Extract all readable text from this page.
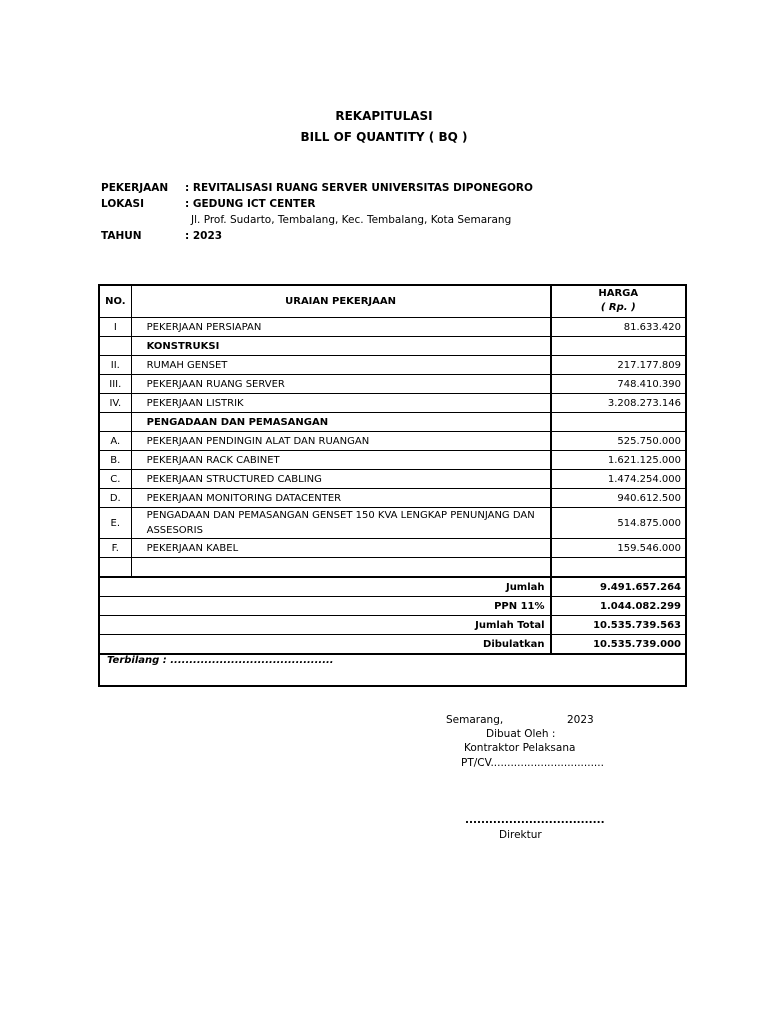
REKAPITULASI
BILL OF QUANTITY ( BQ )
PEKERJAAN : REVITALISASI RUANG SERVER UNIVERSITAS DIPONEGORO
LOKASI	: GEDUNG ICT CENTER
Jl. Prof. Sudarto, Tembalang, Kec. Tembalang, Kota Semarang
TAHUN	: 2023
NO.	URAIAN PEKERJAAN	HARGA
( Rp. )

I	PEKERJAAN PERSIAPAN	81.633.420
	KONSTRUKSI	
II.	RUMAH GENSET	217.177.809
III.	PEKERJAAN RUANG SERVER	748.410.390
IV.	PEKERJAAN LISTRIK	3.208.273.146
	PENGADAAN DAN PEMASANGAN	
A.	PEKERJAAN PENDINGIN ALAT DAN RUANGAN	525.750.000
B.	PEKERJAAN RACK CABINET	1.621.125.000
C.	PEKERJAAN STRUCTURED CABLING	1.474.254.000
D.	PEKERJAAN MONITORING DATACENTER	940.612.500
E.	PENGADAAN DAN PEMASANGAN GENSET 150 KVA LENGKAP PENUNJANG DAN ASSESORIS	514.875.000
F.	PEKERJAAN KABEL	159.546.000

Jumlah		9.491.657.264
PPN 11%		1.044.082.299
Jumlah Total		10.535.739.563
Dibulatkan		10.535.739.000
Terbilang : ...........................................		
Semarang,	2023
Dibuat Oleh :
Kontraktor Pelaksana
PT/CV..................................
...................................
Direktur
